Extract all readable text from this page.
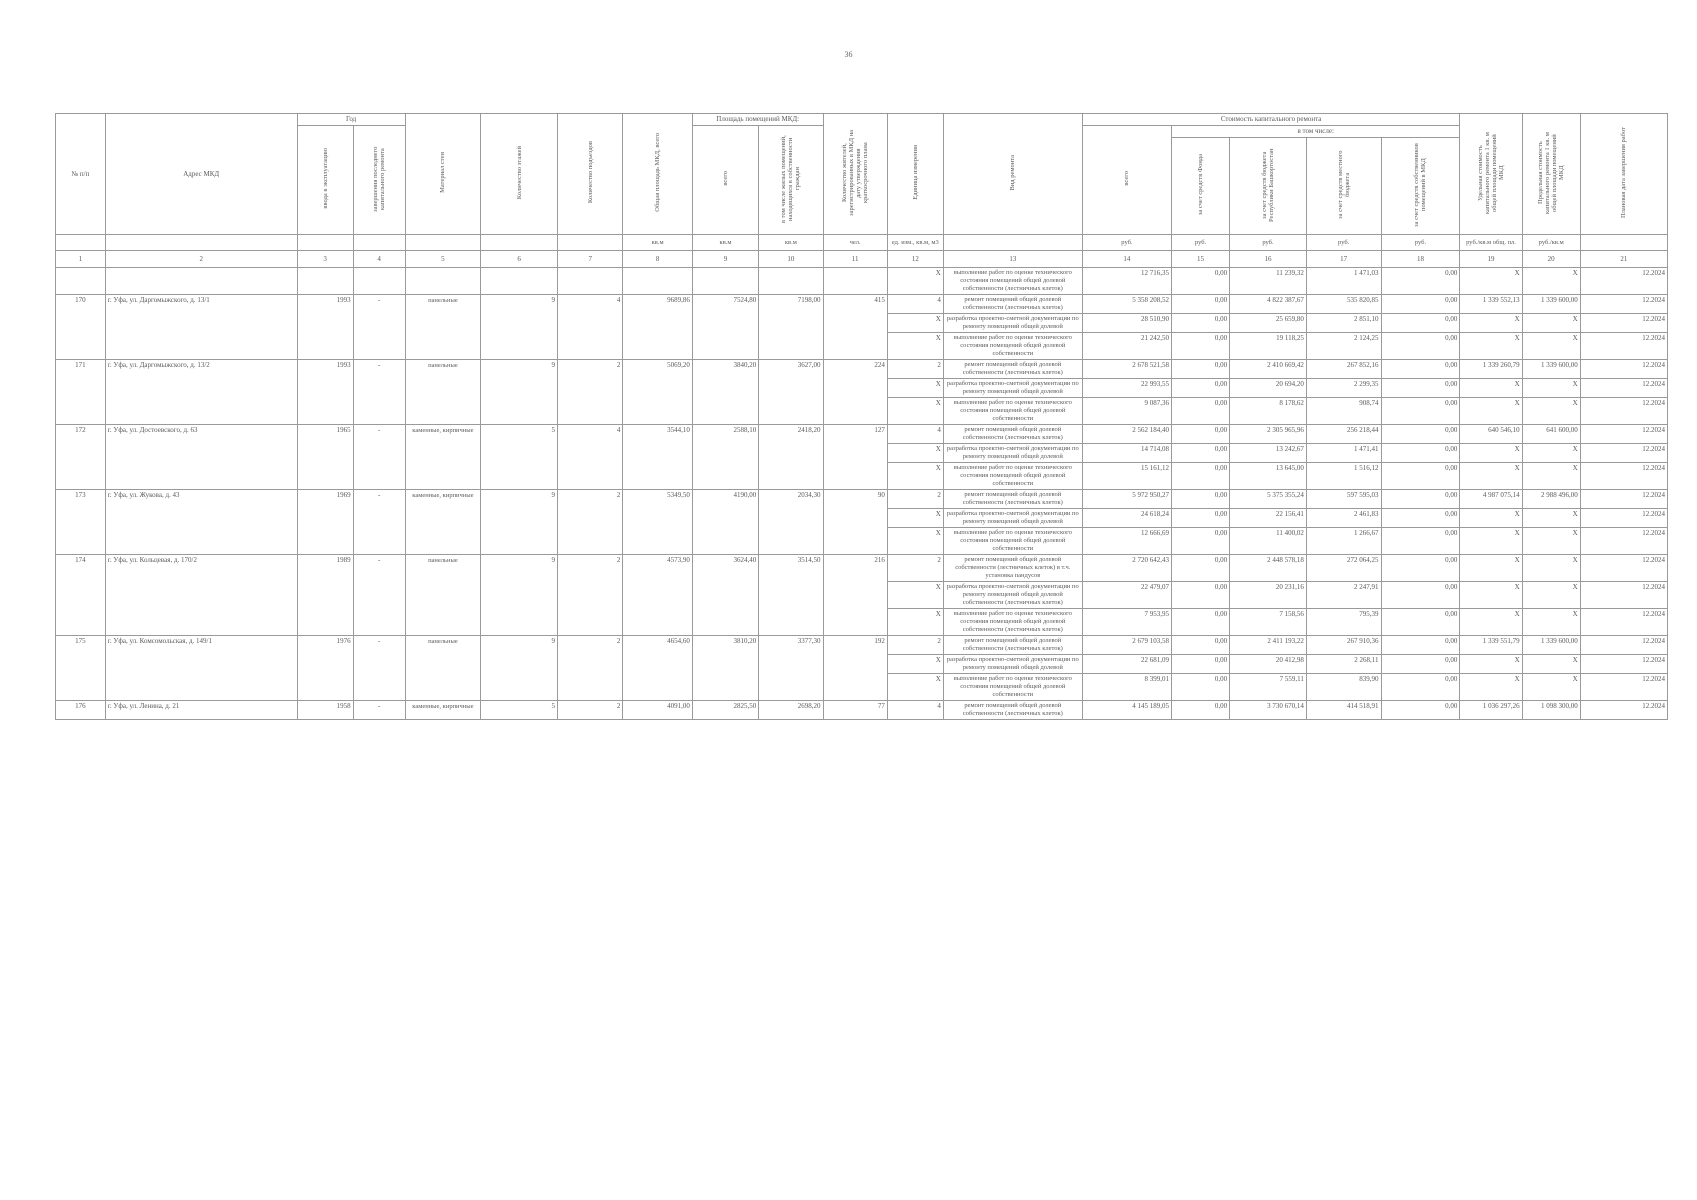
36
№ п/п	Адрес МКД	Год		Материал стен	Количество этажей	Количество подъездов	Общая площадь МКД, всего	Площадь помещений МКД:		Количество жителей, зарегистрированных в МКД на дату утверждения краткосрочного плана	Единица измерения	Вид ремонта	Стоимость капитального ремонта					Удельная стоимость капитального ремонта 1 кв. м общей площади помещений МКД	Предельная стоимость капитального ремонта 1 кв. м общей площади помещений МКД	Плановая дата завершения работ
		ввода в эксплуатацию	завершения последнего капитального ремонта					всего	в том числе жилых помещений, находящихся в собственности граждан				всего	в том числе:						
														за счет средств Фонда	за счет средств бюджета Республики Башкортостан	за счет средств местного бюджета	за счет средств собственников помещений в МКД			
							кв.м	кв.м	кв.м	чел.	ед. изм., кв.м, м3		руб.	руб.	руб.	руб.	руб.	руб./кв.м общ. пл.	руб./кв.м	
1	2	3	4	5	6	7	8	9	10	11	12	13	14	15	16	17	18	19	20	21
											X	выполнение работ по оценке технического состояния помещений общей долевой собственности (лестничных клеток)	12 716,35	0,00	11 239,32	1 471,03	0,00	X	X	12.2024
170	г. Уфа, ул. Даргомыжского, д. 13/1	1993	-	панельные	9	4	9689,86	7524,80	7198,00	415	4	ремонт помещений общей долевой собственности (лестничных клеток)	5 358 208,52	0,00	4 822 387,67	535 820,85	0,00	1 339 552,13	1 339 600,00	12.2024
											X	разработка проектно-сметной документации по ремонту помещений общей долевой	28 510,90	0,00	25 659,80	2 851,10	0,00	X	X	12.2024
											X	выполнение работ по оценке технического состояния помещений общей долевой собственности	21 242,50	0,00	19 118,25	2 124,25	0,00	X	X	12.2024
171	г. Уфа, ул. Даргомыжского, д. 13/2	1993	-	панельные	9	2	5069,20	3840,20	3627,00	224	2	ремонт помещений общей долевой собственности (лестничных клеток)	2 678 521,58	0,00	2 410 669,42	267 852,16	0,00	1 339 260,79	1 339 600,00	12.2024
											X	разработка проектно-сметной документации по ремонту помещений общей долевой	22 993,55	0,00	20 694,20	2 299,35	0,00	X	X	12.2024
											X	выполнение работ по оценке технического состояния помещений общей долевой собственности	9 087,36	0,00	8 178,62	908,74	0,00	X	X	12.2024
172	г. Уфа, ул. Достоевского, д. 63	1965	-	каменные, кирпичные	5	4	3544,10	2588,10	2418,20	127	4	ремонт помещений общей долевой собственности (лестничных клеток)	2 562 184,40	0,00	2 305 965,96	256 218,44	0,00	640 546,10	641 600,00	12.2024
											X	разработка проектно-сметной документации по ремонту помещений общей долевой	14 714,08	0,00	13 242,67	1 471,41	0,00	X	X	12.2024
											X	выполнение работ по оценке технического состояния помещений общей долевой собственности	15 161,12	0,00	13 645,00	1 516,12	0,00	X	X	12.2024
173	г. Уфа, ул. Жукова, д. 43	1969	-	каменные, кирпичные	9	2	5349,50	4190,00	2034,30	90	2	ремонт помещений общей долевой собственности (лестничных клеток)	5 972 950,27	0,00	5 375 355,24	597 595,03	0,00	4 987 075,14	2 988 496,00	12.2024
											X	разработка проектно-сметной документации по ремонту помещений общей долевой	24 618,24	0,00	22 156,41	2 461,83	0,00	X	X	12.2024
											X	выполнение работ по оценке технического состояния помещений общей долевой собственности	12 666,69	0,00	11 400,02	1 266,67	0,00	X	X	12.2024
174	г. Уфа, ул. Кольцевая, д. 170/2	1989	-	панельные	9	2	4573,90	3624,40	3514,50	216	2	ремонт помещений общей долевой собственности (лестничных клеток) в т.ч. установка пандусов	2 720 642,43	0,00	2 448 578,18	272 064,25	0,00	X	X	12.2024
											X	разработка проектно-сметной документации по ремонту помещений общей долевой собственности (лестничных клеток)	22 479,07	0,00	20 231,16	2 247,91	0,00	X	X	12.2024
											X	выполнение работ по оценке технического состояния помещений общей долевой собственности (лестничных клеток)	7 953,95	0,00	7 158,56	795,39	0,00	X	X	12.2024
175	г. Уфа, ул. Комсомольская, д. 149/1	1976	-	панельные	9	2	4654,60	3810,20	3377,30	192	2	ремонт помещений общей долевой собственности (лестничных клеток)	2 679 103,58	0,00	2 411 193,22	267 910,36	0,00	1 339 551,79	1 339 600,00	12.2024
											X	разработка проектно-сметной документации по ремонту помещений общей долевой	22 681,09	0,00	20 412,98	2 268,11	0,00	X	X	12.2024
											X	выполнение работ по оценке технического состояния помещений общей долевой собственности	8 399,01	0,00	7 559,11	839,90	0,00	X	X	12.2024
176	г. Уфа, ул. Ленина, д. 21	1958	-	каменные, кирпичные	5	2	4091,00	2825,50	2698,20	77	4	ремонт помещений общей долевой собственности (лестничных клеток)	4 145 189,05	0,00	3 730 670,14	414 518,91	0,00	1 036 297,26	1 098 300,00	12.2024
